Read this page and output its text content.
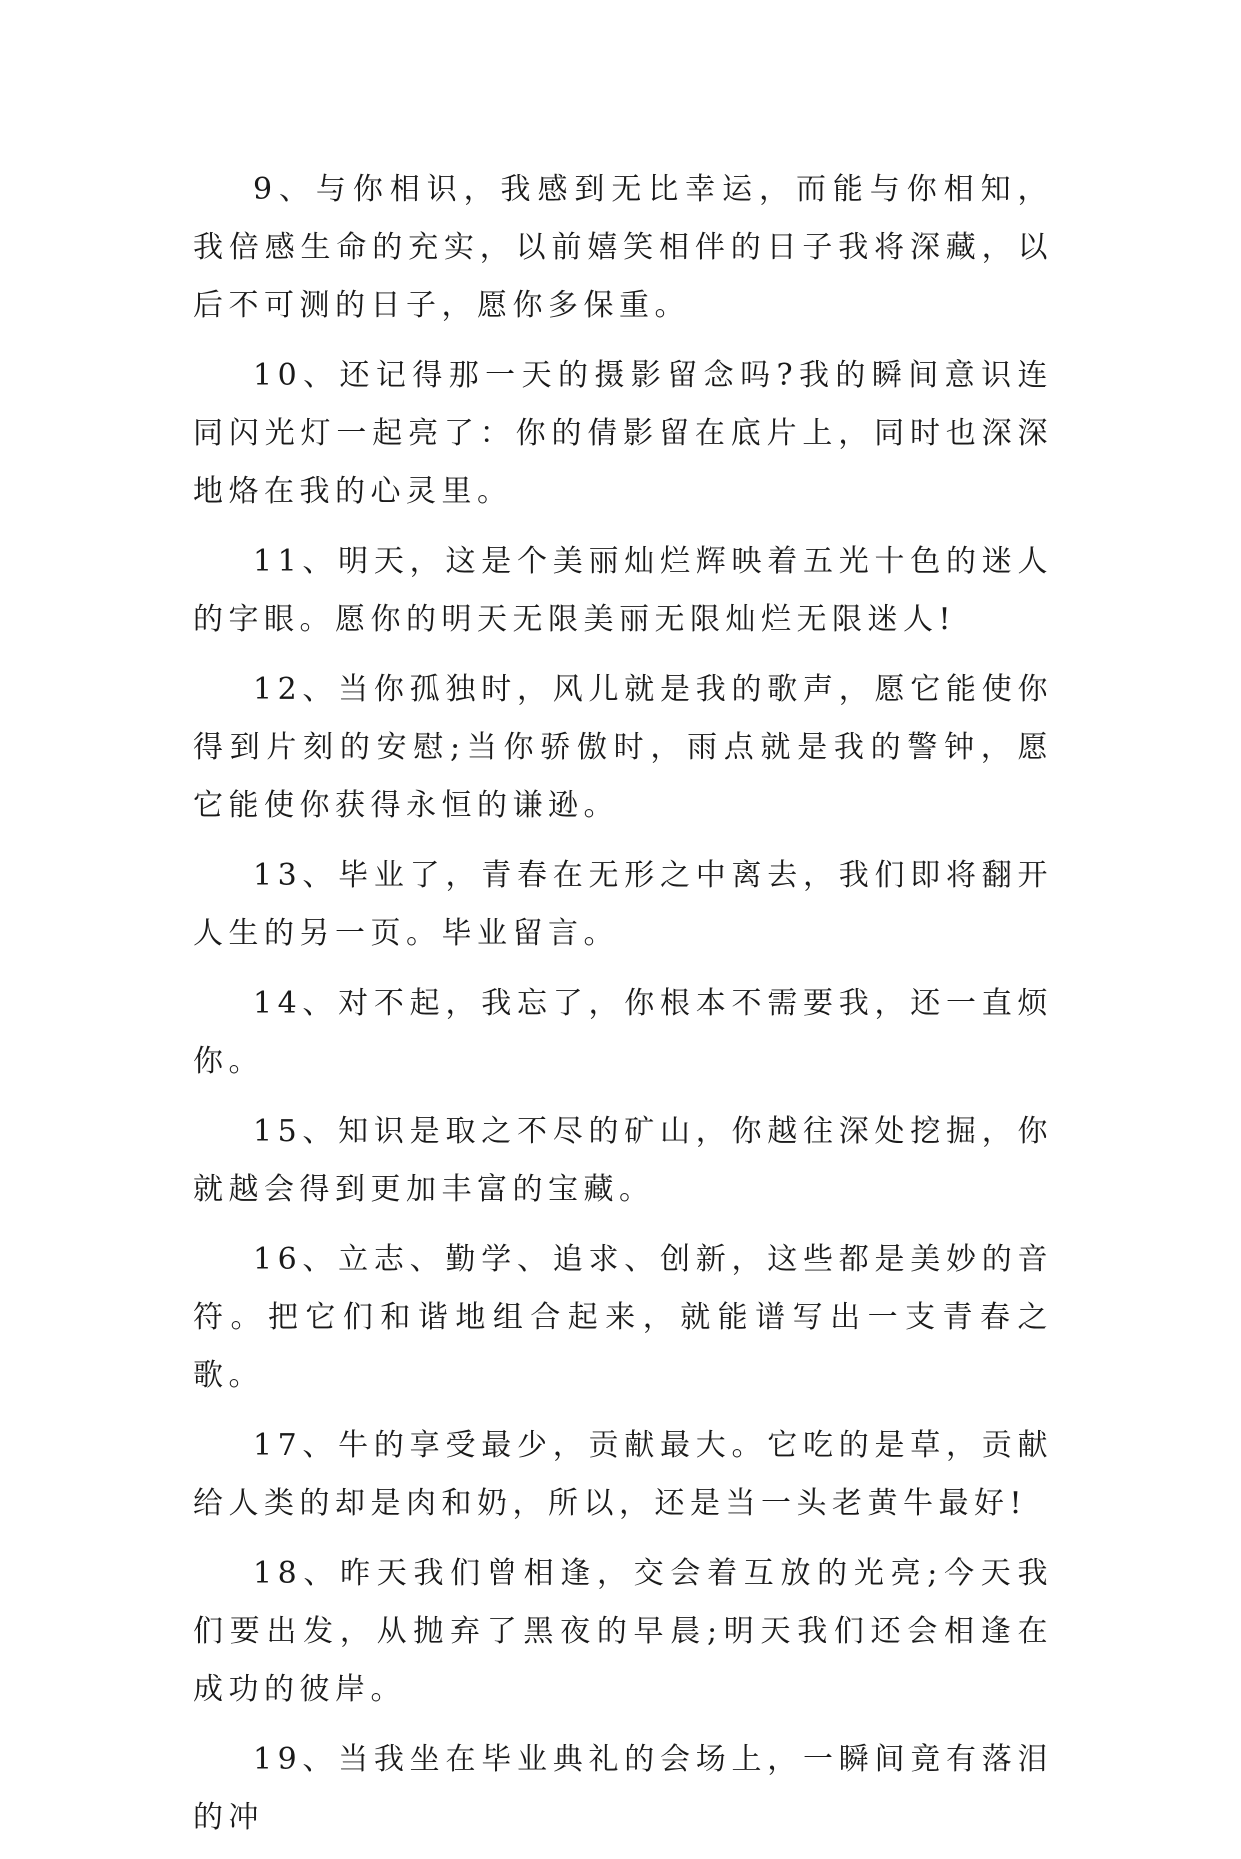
9、与你相识，我感到无比幸运，而能与你相知，我倍感生命的充实，以前嬉笑相伴的日子我将深藏，以后不可测的日子，愿你多保重。

10、还记得那一天的摄影留念吗?我的瞬间意识连同闪光灯一起亮了：你的倩影留在底片上，同时也深深地烙在我的心灵里。

11、明天，这是个美丽灿烂辉映着五光十色的迷人的字眼。愿你的明天无限美丽无限灿烂无限迷人!

12、当你孤独时，风儿就是我的歌声，愿它能使你得到片刻的安慰;当你骄傲时，雨点就是我的警钟，愿它能使你获得永恒的谦逊。

13、毕业了，青春在无形之中离去，我们即将翻开人生的另一页。毕业留言。

14、对不起，我忘了，你根本不需要我，还一直烦你。

15、知识是取之不尽的矿山，你越往深处挖掘，你就越会得到更加丰富的宝藏。

16、立志、勤学、追求、创新，这些都是美妙的音符。把它们和谐地组合起来，就能谱写出一支青春之歌。

17、牛的享受最少，贡献最大。它吃的是草，贡献给人类的却是肉和奶，所以，还是当一头老黄牛最好!

18、昨天我们曾相逢，交会着互放的光亮;今天我们要出发，从抛弃了黑夜的早晨;明天我们还会相逢在成功的彼岸。

19、当我坐在毕业典礼的会场上，一瞬间竟有落泪的冲
